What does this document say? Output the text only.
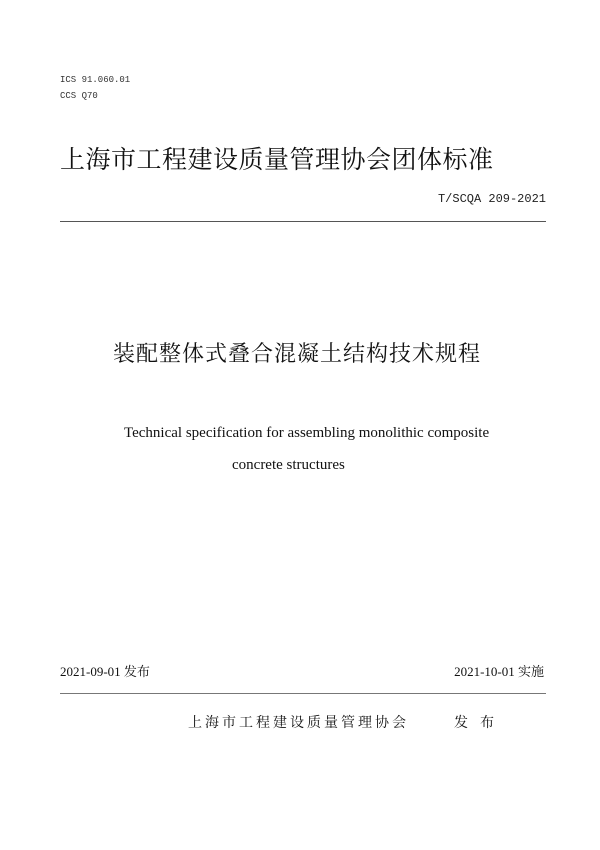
ICS 91.060.01
CCS Q70
上海市工程建设质量管理协会团体标准
T/SCQA 209-2021
装配整体式叠合混凝土结构技术规程
Technical specification for assembling monolithic composite
concrete structures
2021-09-01 发布	2021-10-01 实施
上海市工程建设质量管理协会	发布
